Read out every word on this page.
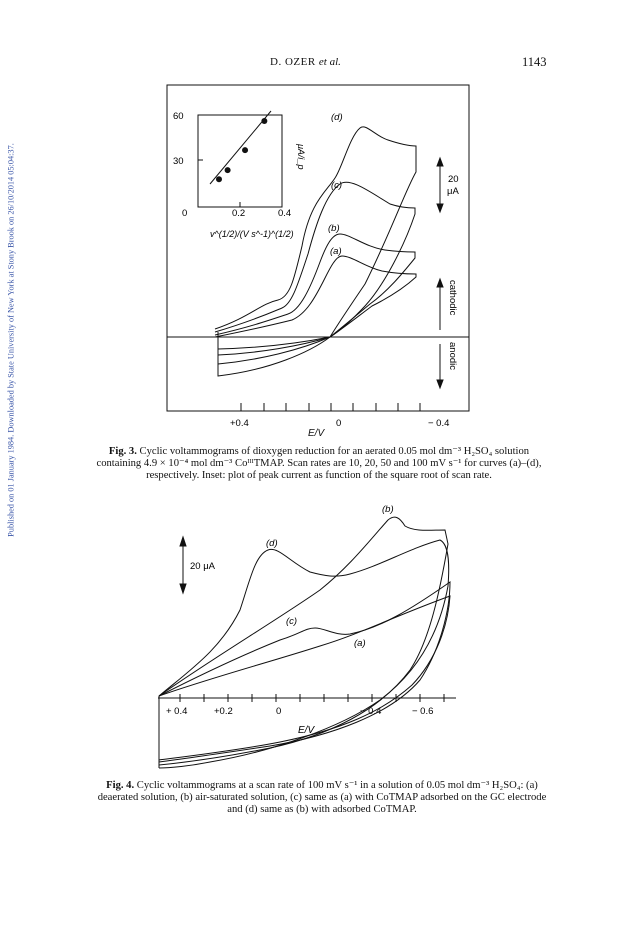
Published on 01 January 1984. Downloaded by State University of New York at Stony Brook on 26/10/2014 05:04:37.
D. OZER et al.	1143
+0.4	0	− 0.4
(d)
(c)
(b)
(a)
20
μA
cathodic
anodic
60
30
0	0.2	0.4
v^(1/2)/(V s^-1)^(1/2)
μA/i_p
E/V
Fig. 3. Cyclic voltammograms of dioxygen reduction for an aerated 0.05 mol dm⁻³ H₂SO₄ solution containing 4.9 × 10⁻⁴ mol dm⁻³ CoᴵᴵᴵTMAP. Scan rates are 10, 20, 50 and 100 mV s⁻¹ for curves (a)–(d), respectively. Inset: plot of peak current as function of the square root of scan rate.
20 μA
+ 0.4	+0.2	0	− 0.4	− 0.6
E/V
(b)
(d)
(c)
(a)
Fig. 4. Cyclic voltammograms at a scan rate of 100 mV s⁻¹ in a solution of 0.05 mol dm⁻³ H₂SO₄: (a) deaerated solution, (b) air-saturated solution, (c) same as (a) with CoTMAP adsorbed on the GC electrode and (d) same as (b) with adsorbed CoTMAP.
